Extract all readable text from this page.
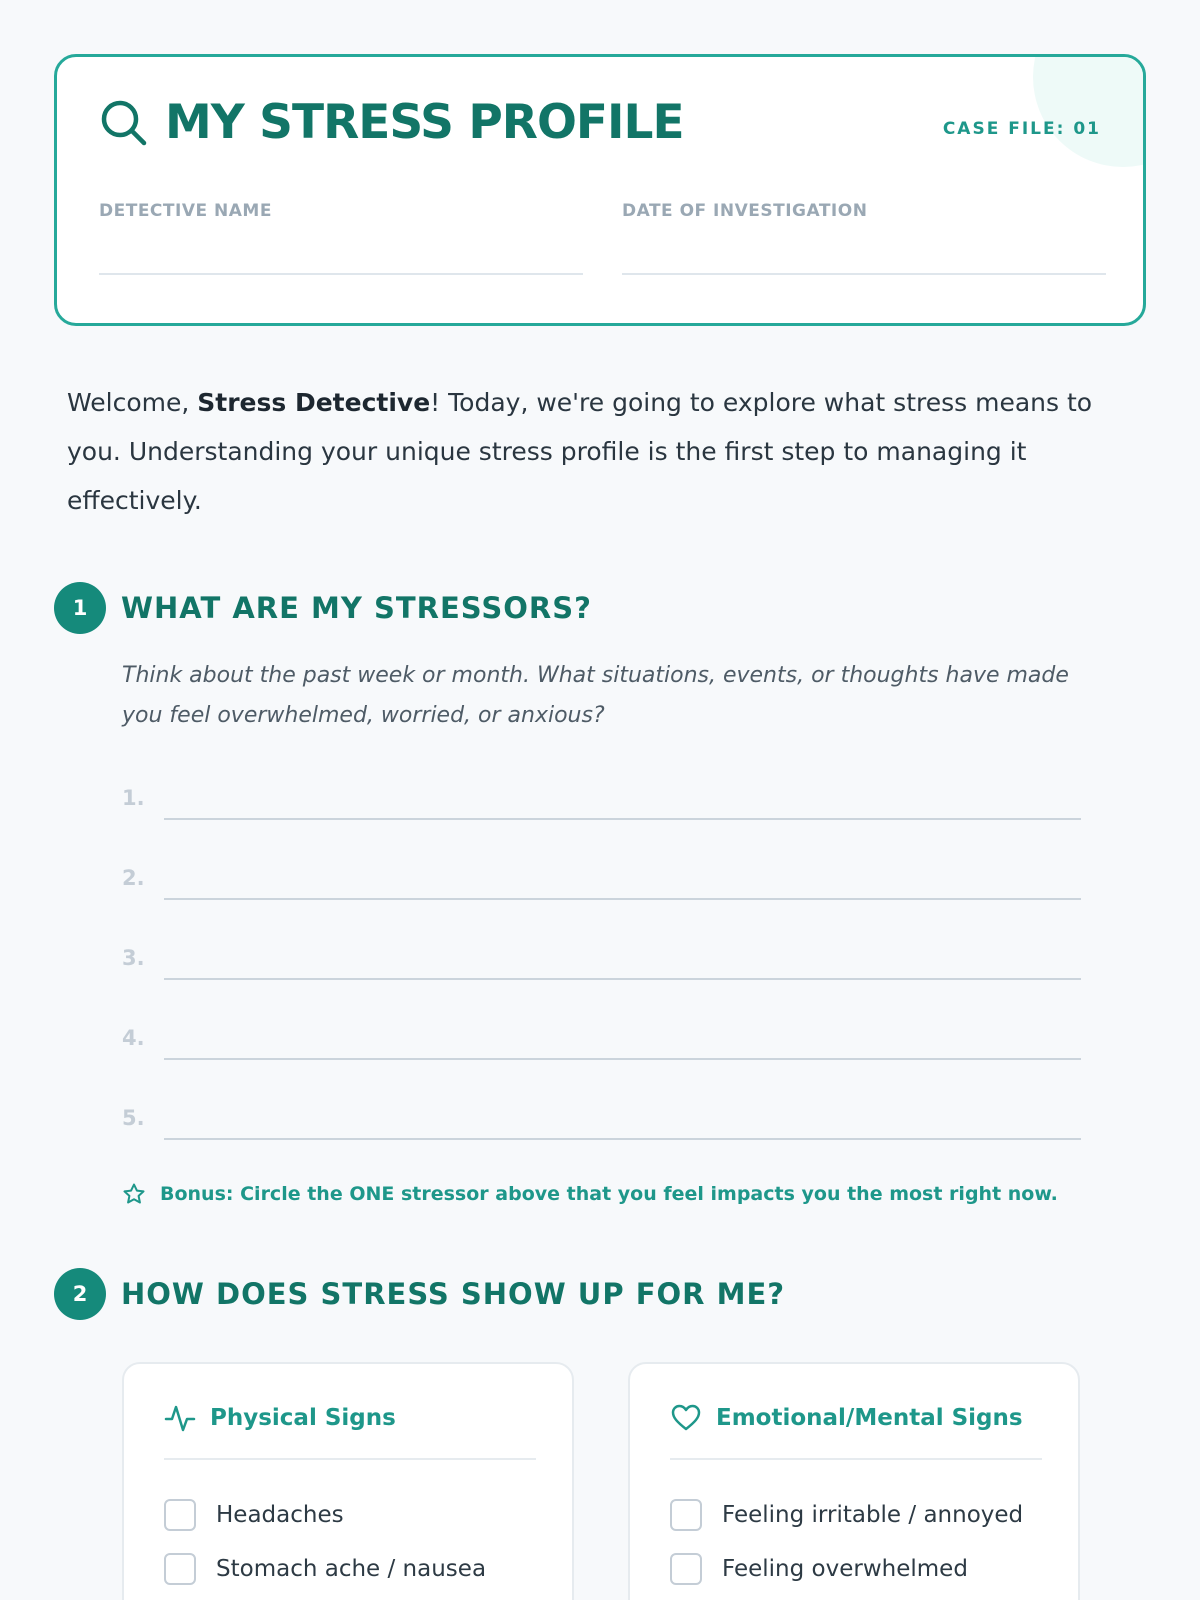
MY STRESS PROFILE	CASE FILE: 01
DETECTIVE NAME	DATE OF INVESTIGATION

Welcome, Stress Detective! Today, we're going to explore what stress means to you. Understanding your unique stress profile is the first step to managing it effectively.

1	WHAT ARE MY STRESSORS?

Think about the past week or month. What situations, events, or thoughts have made you feel overwhelmed, worried, or anxious?

1.
2.
3.
4.
5.
Bonus: Circle the ONE stressor above that you feel impacts you the most right now.
2	HOW DOES STRESS SHOW UP FOR ME?
Physical Signs
Headaches
Stomach ache / nausea
Emotional/Mental Signs
Feeling irritable / annoyed
Feeling overwhelmed
